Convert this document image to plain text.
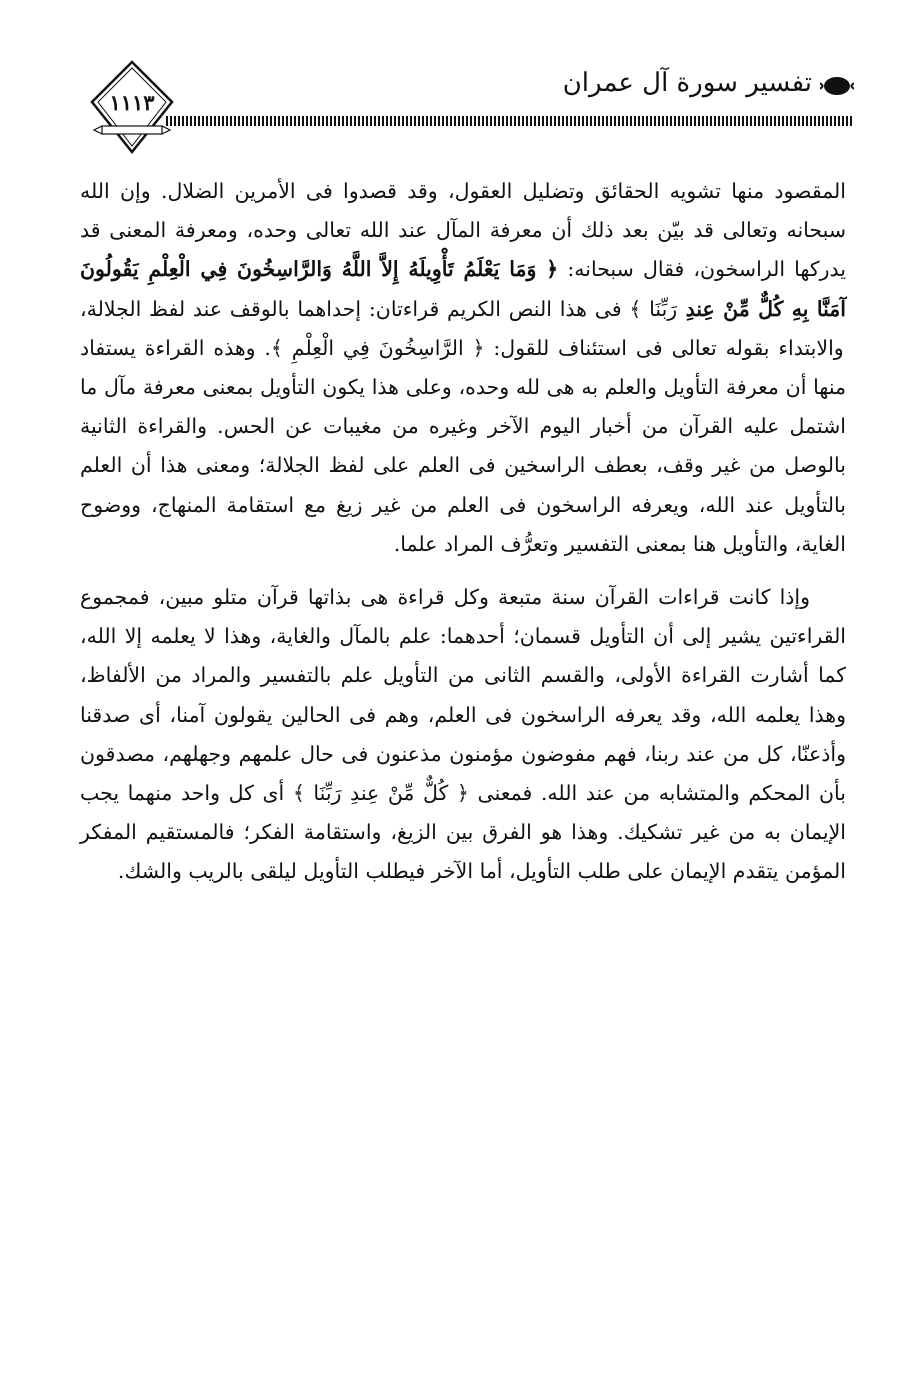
١١١٣
تفسير سورة آل عمران

المقصود منها تشويه الحقائق وتضليل العقول، وقد قصدوا فى الأمرين الضلال. وإن الله سبحانه وتعالى قد بيّن بعد ذلك أن معرفة المآل عند الله تعالى وحده، ومعرفة المعنى قد يدركها الراسخون، فقال سبحانه: ﴿ وَمَا يَعْلَمُ تَأْوِيلَهُ إِلاَّ اللَّهُ وَالرَّاسِخُونَ فِي الْعِلْمِ يَقُولُونَ آمَنَّا بِهِ كُلٌّ مِّنْ عِندِ رَبِّنَا ﴾ فى هذا النص الكريم قراءتان: إحداهما بالوقف عند لفظ الجلالة، والابتداء بقوله تعالى فى استئناف للقول: ﴿ الرَّاسِخُونَ فِي الْعِلْمِ ﴾. وهذه القراءة يستفاد منها أن معرفة التأويل والعلم به هى لله وحده، وعلى هذا يكون التأويل بمعنى معرفة مآل ما اشتمل عليه القرآن من أخبار اليوم الآخر وغيره من مغيبات عن الحس. والقراءة الثانية بالوصل من غير وقف، بعطف الراسخين فى العلم على لفظ الجلالة؛ ومعنى هذا أن العلم بالتأويل عند الله، ويعرفه الراسخون فى العلم من غير زيغ مع استقامة المنهاج، ووضوح الغاية، والتأويل هنا بمعنى التفسير وتعرُّف المراد علما.

وإذا كانت قراءات القرآن سنة متبعة وكل قراءة هى بذاتها قرآن متلو مبين، فمجموع القراءتين يشير إلى أن التأويل قسمان؛ أحدهما: علم بالمآل والغاية، وهذا لا يعلمه إلا الله، كما أشارت القراءة الأولى، والقسم الثانى من التأويل علم بالتفسير والمراد من الألفاظ، وهذا يعلمه الله، وقد يعرفه الراسخون فى العلم، وهم فى الحالين يقولون آمنا، أى صدقنا وأذعنّا، كل من عند ربنا، فهم مفوضون مؤمنون مذعنون فى حال علمهم وجهلهم، مصدقون بأن المحكم والمتشابه من عند الله. فمعنى ﴿ كُلٌّ مِّنْ عِندِ رَبِّنَا ﴾ أى كل واحد منهما يجب الإيمان به من غير تشكيك. وهذا هو الفرق بين الزيغ، واستقامة الفكر؛ فالمستقيم المفكر المؤمن يتقدم الإيمان على طلب التأويل، أما الآخر فيطلب التأويل ليلقى بالريب والشك.
